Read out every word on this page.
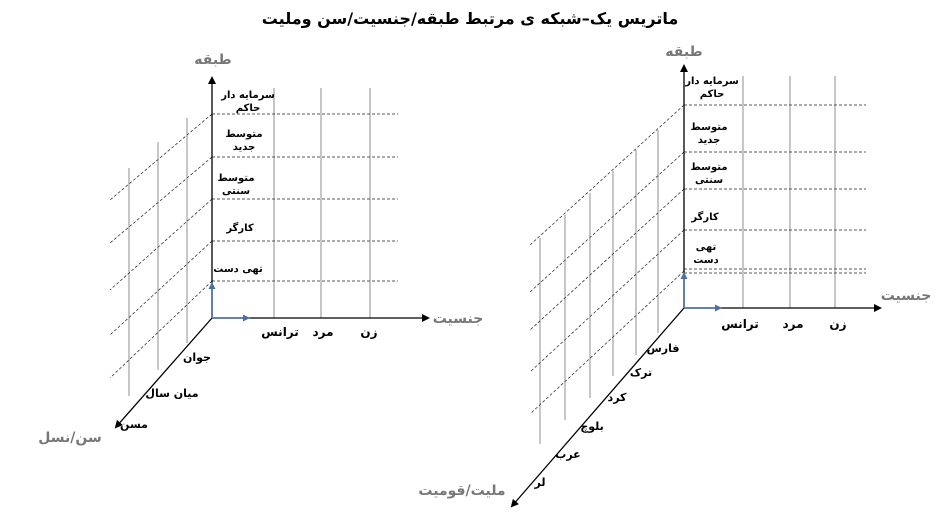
ماتریس یک–شبکه ی مرتبط طبقه/جنسیت/سن وملیت
طبقه
جنسیت
سن/نسل
سرمایه دار حاکم
متوسط جدید
متوسط سنتی
کارگر
تهی دست
ترانس مرد زن
جوان
میان سال
مسن
طبقه
جنسیت
ملیت/قومیت
سرمایه دار حاکم
متوسط جدید
متوسط سنتی
کارگر
تهی دست
ترانس مرد زن
فارس
ترک
کرد
بلوچ
عرب
لر
